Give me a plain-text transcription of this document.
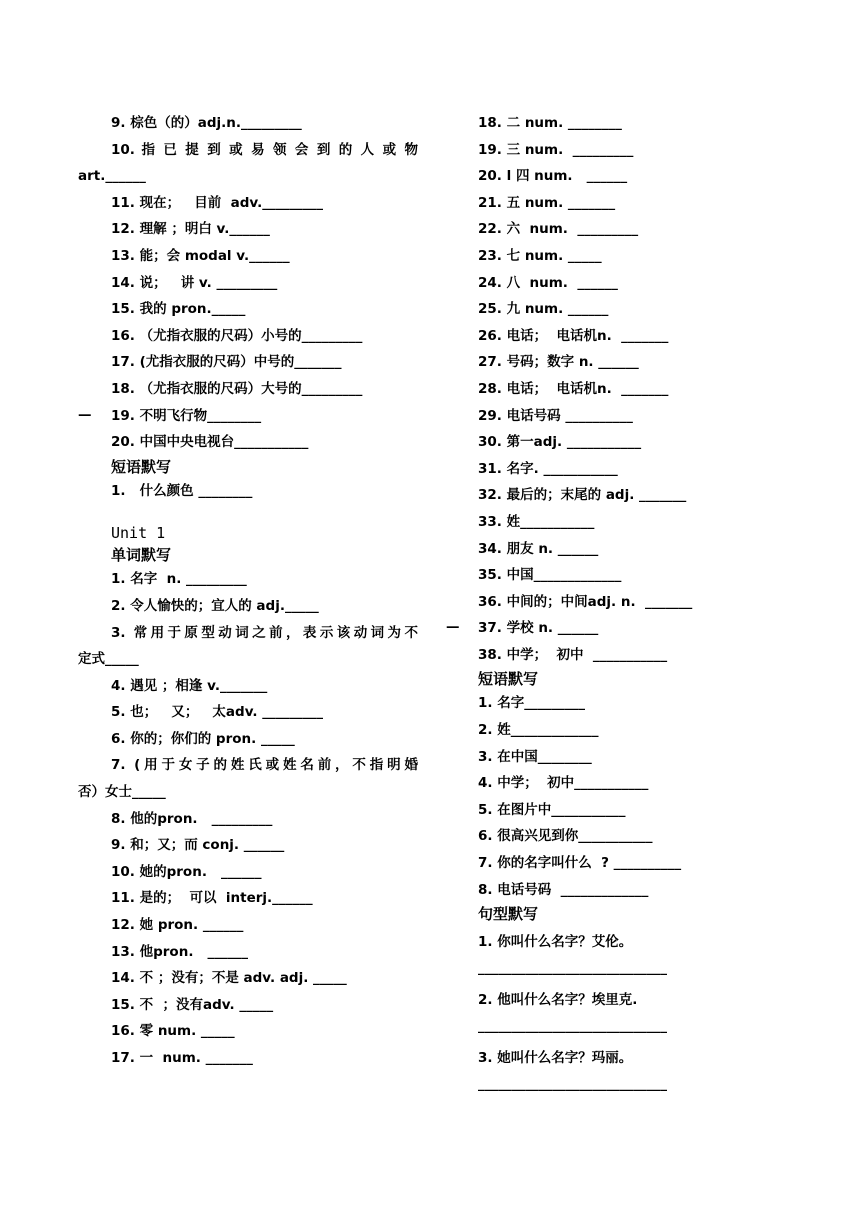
9. 棕色（的）adj.n._________
10. 指 已 提 到 或 易 领 会 到 的 人 或 物
art.______
11. 现在；   目前  adv._________
12. 理解 ；明白 v.______
13. 能；会 modal v.______
14. 说；   讲 v. _________
15. 我的 pron._____
16. （尤指衣服的尺码）小号的_________
17. (尤指衣服的尺码）中号的_______
18. （尤指衣服的尺码）大号的_________
19. 不明飞行物________
20. 中国中央电视台___________
短语默写
1.   什么颜色 ________
Unit 1
单词默写
1. 名字  n. _________
2. 令人愉快的；宜人的 adj._____
3. 常用于原型动词之前，表示该动词为不
定式_____
4. 遇见 ；相逢 v._______
5. 也；   又；   太adv. _________
6. 你的；你们的 pron. _____
7. (用于女子的姓氏或姓名前，不指明婚
否）女士_____
8. 他的pron.   _________
9. 和；又；而 conj. ______
10. 她的pron.   ______
11. 是的；  可以  interj.______
12. 她 pron. ______
13. 他pron.   ______
14. 不 ；没有；不是 adv. adj. _____
15. 不  ；没有adv. _____
16. 零 num. _____
17. 一  num. _______
18. 二 num. ________
19. 三 num.  _________
20. l 四 num.   ______
21. 五 num. _______
22. 六  num.  _________
23. 七 num. _____
24. 八  num.  ______
25. 九 num. ______
26. 电话；  电话机n.  _______
27. 号码；数字 n. ______
28. 电话；  电话机n.  _______
29. 电话号码 __________
30. 第一adj. ___________
31. 名字. ___________
32. 最后的；末尾的 adj. _______
33. 姓___________
34. 朋友 n. ______
35. 中国_____________
36. 中间的；中间adj. n.  _______
37. 学校 n. ______
38. 中学；  初中  ___________
短语默写
1. 名字_________
2. 姓_____________
3. 在中国________
4. 中学；  初中___________
5. 在图片中___________
6. 很高兴见到你___________
7. 你的名字叫什么  ? __________
8. 电话号码  _____________
句型默写
1. 你叫什么名字？艾伦。
____________________________
2. 他叫什么名字？埃里克.
____________________________
3. 她叫什么名字？玛丽。
____________________________
—
—
